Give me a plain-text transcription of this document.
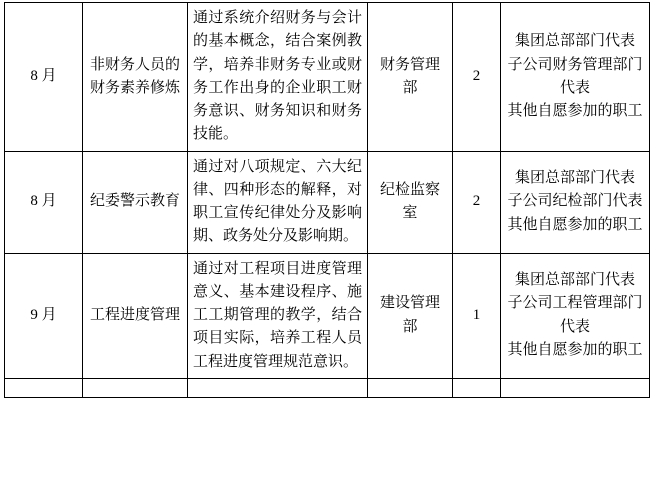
8 月	非财务人员的财务素养修炼	通过系统介绍财务与会计的基本概念，结合案例教学，培养非财务专业或财务工作出身的企业职工财务意识、财务知识和财务技能。	财务管理部	2	集团总部部门代表
子公司财务管理部门代表
其他自愿参加的职工

8 月	纪委警示教育	通过对八项规定、六大纪律、四种形态的解释，对职工宣传纪律处分及影响期、政务处分及影响期。	纪检监察室	2	集团总部部门代表
子公司纪检部门代表
其他自愿参加的职工

9 月	工程进度管理	通过对工程项目进度管理意义、基本建设程序、施工工期管理的教学，结合项目实际，培养工程人员工程进度管理规范意识。	建设管理部	1	集团总部部门代表
子公司工程管理部门代表
其他自愿参加的职工
